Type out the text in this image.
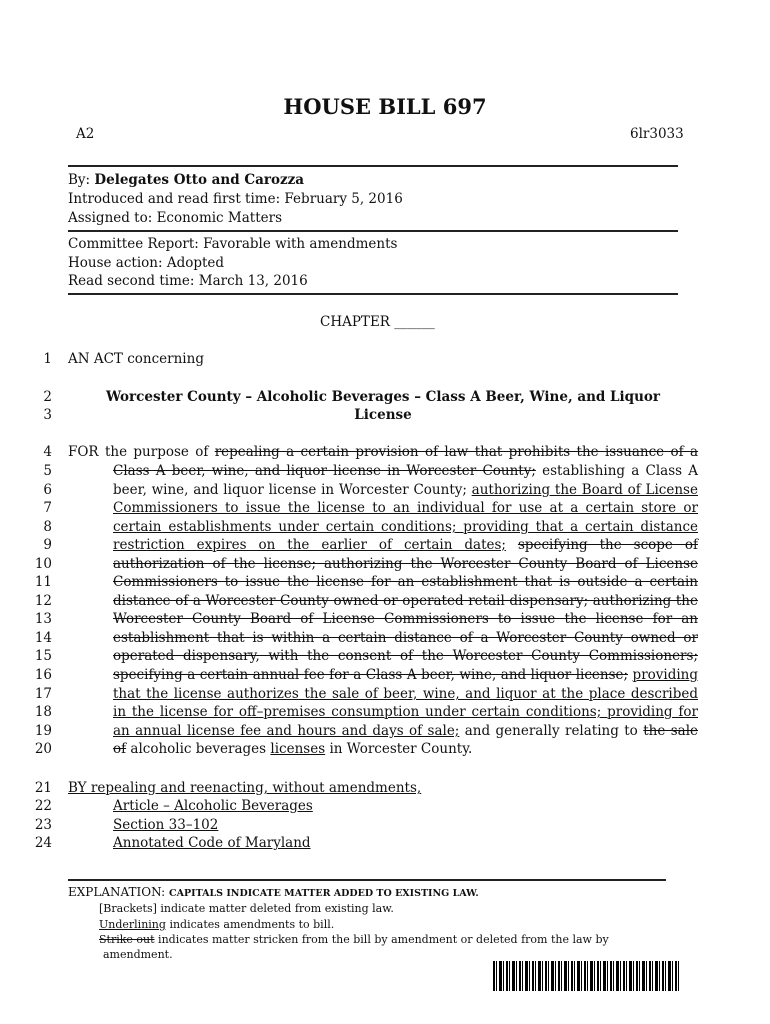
HOUSE BILL 697
A2	6lr3033
By: Delegates Otto and Carozza
Introduced and read first time: February 5, 2016
Assigned to: Economic Matters
Committee Report: Favorable with amendments
House action: Adopted
Read second time: March 13, 2016
CHAPTER ______
1
2
3
4
5
6
7
8
9
10
11
12
13
14
15
16
17
18
19
20
21
22
23
24
AN ACT concerning
Worcester County – Alcoholic Beverages – Class A Beer, Wine, and Liquor
License
FOR the purpose of repealing a certain provision of law that prohibits the issuance of a
Class A beer, wine, and liquor license in Worcester County; establishing a Class A
beer, wine, and liquor license in Worcester County; authorizing the Board of License
Commissioners to issue the license to an individual for use at a certain store or
certain establishments under certain conditions; providing that a certain distance
restriction expires on the earlier of certain dates; specifying the scope of
authorization of the license; authorizing the Worcester County Board of License
Commissioners to issue the license for an establishment that is outside a certain
distance of a Worcester County owned or operated retail dispensary; authorizing the
Worcester County Board of License Commissioners to issue the license for an
establishment that is within a certain distance of a Worcester County owned or
operated dispensary, with the consent of the Worcester County Commissioners;
specifying a certain annual fee for a Class A beer, wine, and liquor license; providing
that the license authorizes the sale of beer, wine, and liquor at the place described
in the license for off–premises consumption under certain conditions; providing for
an annual license fee and hours and days of sale; and generally relating to the sale
of alcoholic beverages licenses in Worcester County.
BY repealing and reenacting, without amendments,
Article – Alcoholic Beverages
Section 33–102
Annotated Code of Maryland
EXPLANATION: CAPITALS INDICATE MATTER ADDED TO EXISTING LAW.
[Brackets] indicate matter deleted from existing law.
Underlining indicates amendments to bill.
Strike out indicates matter stricken from the bill by amendment or deleted from the law by
amendment.
